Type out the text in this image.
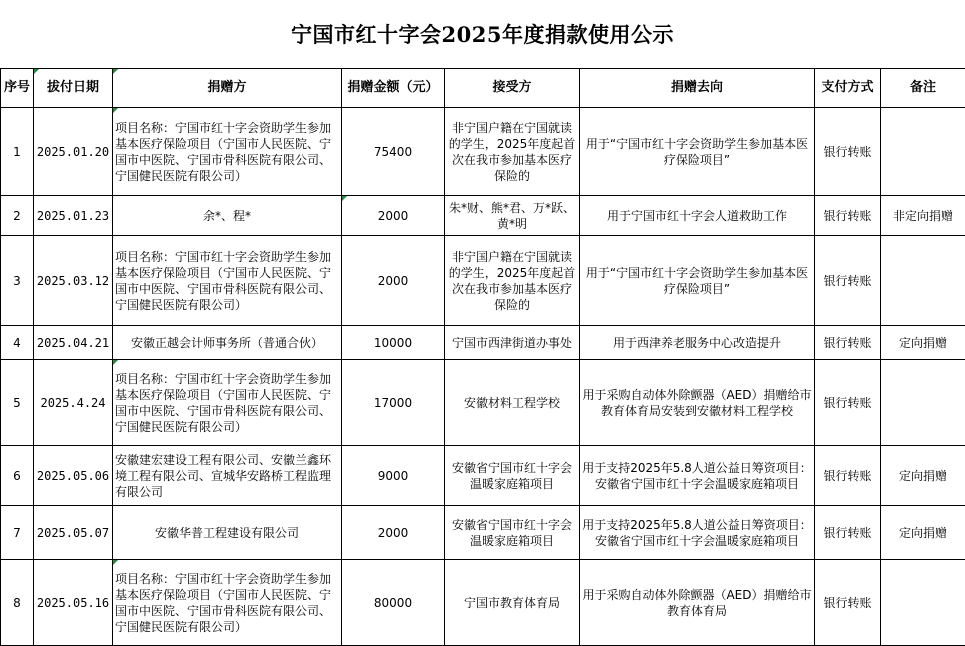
宁国市红十字会2025年度捐款使用公示
序号	拔付日期	捐赠方	捐赠金额（元）	接受方	捐赠去向	支付方式	备注
1	2025.01.20	项目名称：宁国市红十字会资助学生参加基本医疗保险项目（宁国市人民医院、宁国市中医院、宁国市骨科医院有限公司、宁国健民医院有限公司）	75400	非宁国户籍在宁国就读的学生，2025年度起首次在我市参加基本医疗保险的	用于“宁国市红十字会资助学生参加基本医疗保险项目”	银行转账	
2	2025.01.23	余*、程*	2000	朱*财、熊*君、万*跃、黄*明	用于宁国市红十字会人道救助工作	银行转账	非定向捐赠
3	2025.03.12	项目名称：宁国市红十字会资助学生参加基本医疗保险项目（宁国市人民医院、宁国市中医院、宁国市骨科医院有限公司、宁国健民医院有限公司）	2000	非宁国户籍在宁国就读的学生，2025年度起首次在我市参加基本医疗保险的	用于“宁国市红十字会资助学生参加基本医疗保险项目”	银行转账	
4	2025.04.21	安徽正越会计师事务所（普通合伙）	10000	宁国市西津街道办事处	用于西津养老服务中心改造提升	银行转账	定向捐赠
5	2025.4.24	项目名称：宁国市红十字会资助学生参加基本医疗保险项目（宁国市人民医院、宁国市中医院、宁国市骨科医院有限公司、宁国健民医院有限公司）	17000	安徽材料工程学校	用于采购自动体外除颤器（AED）捐赠给市教育体育局安装到安徽材料工程学校	银行转账	
6	2025.05.06	安徽建宏建设工程有限公司、安徽兰鑫环境工程有限公司、宣城华安路桥工程监理有限公司	9000	安徽省宁国市红十字会温暖家庭箱项目	用于支持2025年5.8人道公益日筹资项目：安徽省宁国市红十字会温暖家庭箱项目	银行转账	定向捐赠
7	2025.05.07	安徽华普工程建设有限公司	2000	安徽省宁国市红十字会温暖家庭箱项目	用于支持2025年5.8人道公益日筹资项目：安徽省宁国市红十字会温暖家庭箱项目	银行转账	定向捐赠
8	2025.05.16	项目名称：宁国市红十字会资助学生参加基本医疗保险项目（宁国市人民医院、宁国市中医院、宁国市骨科医院有限公司、宁国健民医院有限公司）	80000	宁国市教育体育局	用于采购自动体外除颤器（AED）捐赠给市教育体育局	银行转账	
